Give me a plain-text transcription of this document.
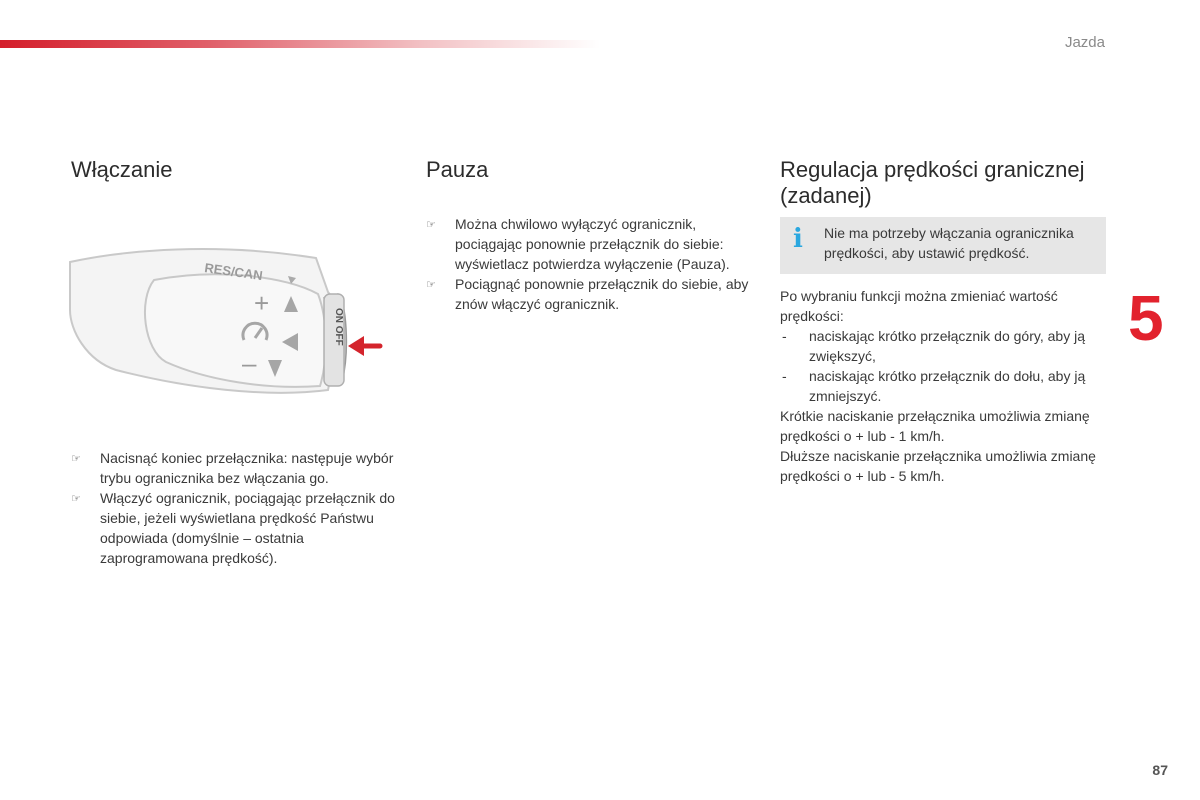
Jazda
Włączanie
RES/CAN
+
–
ON OFF
☞ Nacisnąć koniec przełącznika: następuje wybór trybu ogranicznika bez włączania go.
☞ Włączyć ogranicznik, pociągając przełącznik do siebie, jeżeli wyświetlana prędkość Państwu odpowiada (domyślnie – ostatnia zaprogramowana prędkość).
Pauza
☞ Można chwilowo wyłączyć ogranicznik, pociągając ponownie przełącznik do siebie: wyświetlacz potwierdza wyłączenie (Pauza).
☞ Pociągnąć ponownie przełącznik do siebie, aby znów włączyć ogranicznik.
Regulacja prędkości granicznej (zadanej)
i Nie ma potrzeby włączania ogranicznika prędkości, aby ustawić prędkość.

Po wybraniu funkcji można zmieniać wartość prędkości:

- naciskając krótko przełącznik do góry, aby ją zwiększyć,
- naciskając krótko przełącznik do dołu, aby ją zmniejszyć.

Krótkie naciskanie przełącznika umożliwia zmianę prędkości o + lub - 1 km/h.

Dłuższe naciskanie przełącznika umożliwia zmianę prędkości o + lub - 5 km/h.

5
87
